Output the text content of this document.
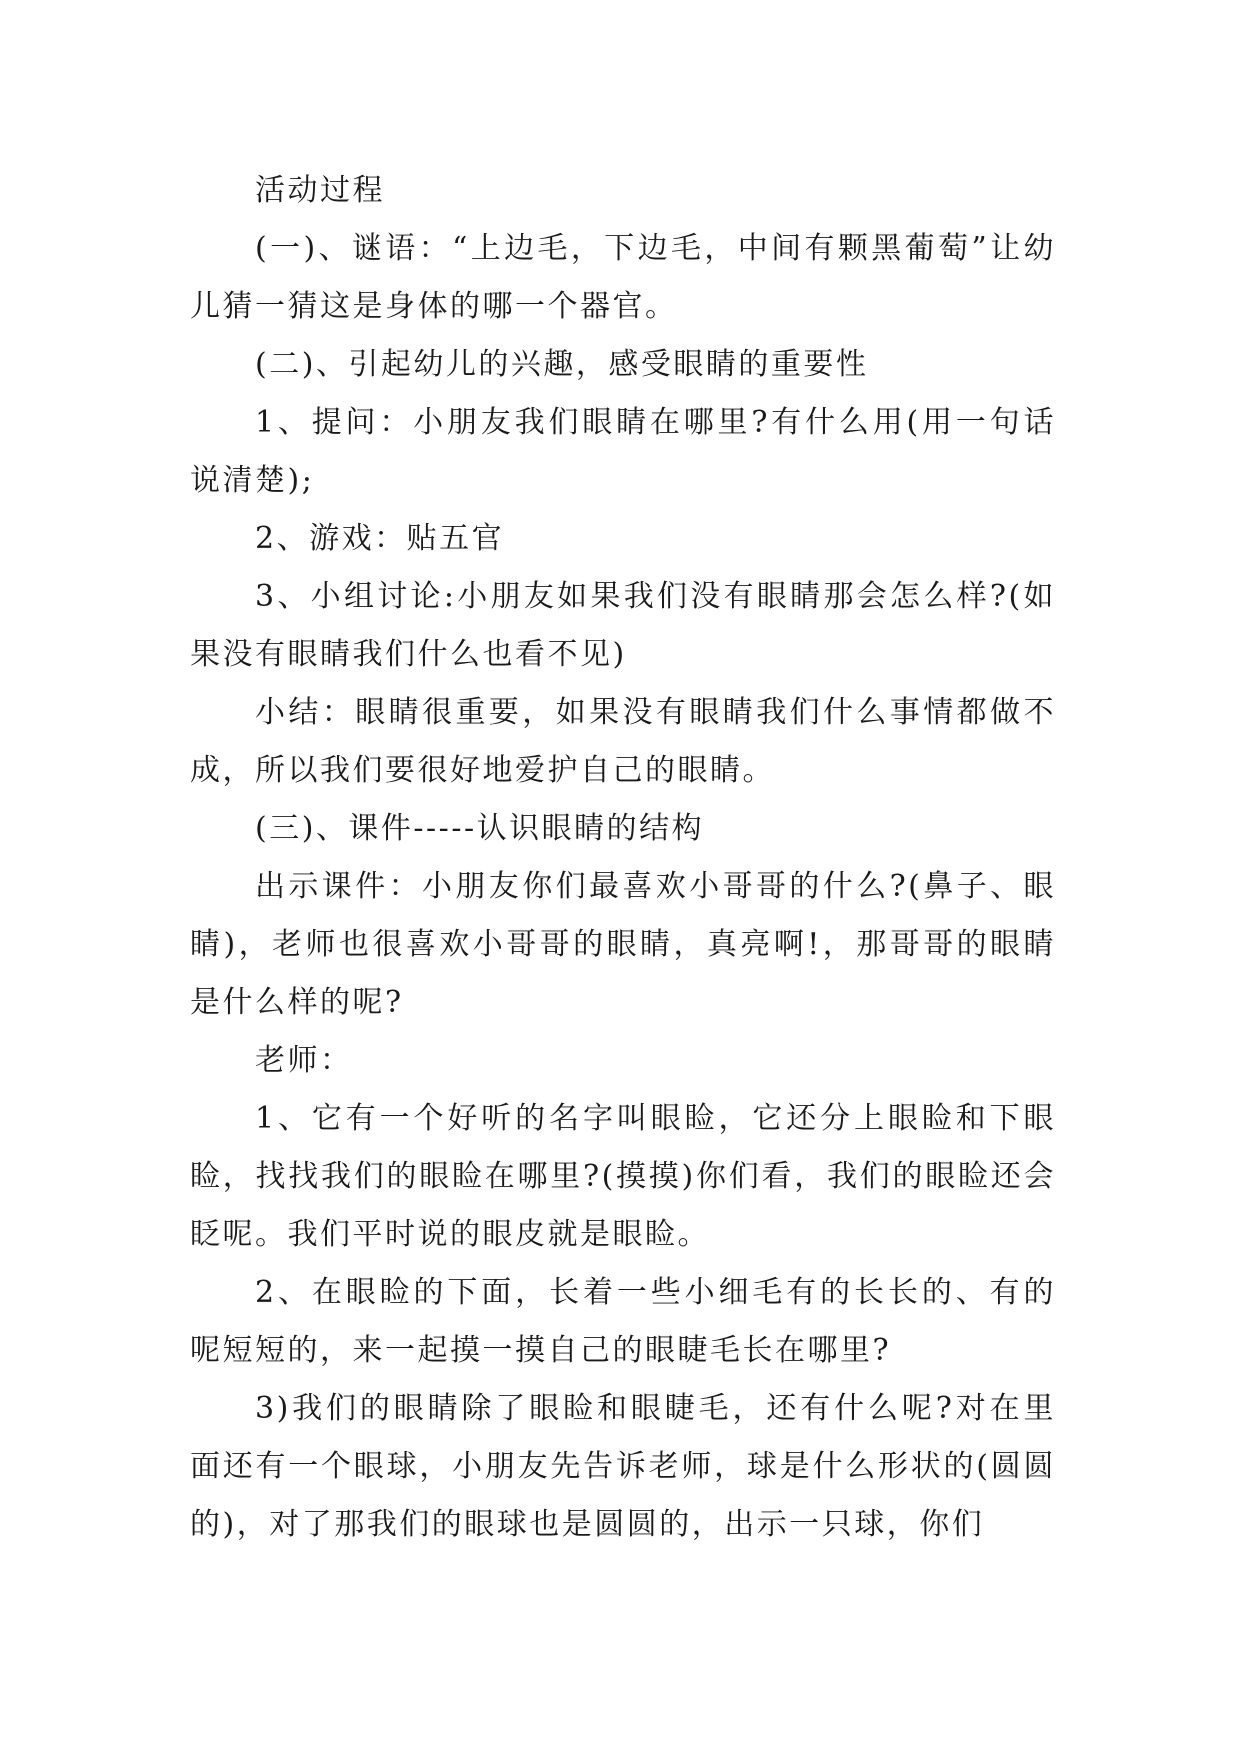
活动过程

(一)、谜语：“上边毛，下边毛，中间有颗黑葡萄”让幼儿猜一猜这是身体的哪一个器官。

(二)、引起幼儿的兴趣，感受眼睛的重要性

1、提问：小朋友我们眼睛在哪里?有什么用(用一句话说清楚);

2、游戏：贴五官

3、小组讨论:小朋友如果我们没有眼睛那会怎么样?(如果没有眼睛我们什么也看不见)

小结：眼睛很重要，如果没有眼睛我们什么事情都做不成，所以我们要很好地爱护自己的眼睛。

(三)、课件-----认识眼睛的结构

出示课件：小朋友你们最喜欢小哥哥的什么?(鼻子、眼睛)，老师也很喜欢小哥哥的眼睛，真亮啊!，那哥哥的眼睛是什么样的呢?

老师：

1、它有一个好听的名字叫眼睑，它还分上眼睑和下眼睑，找找我们的眼睑在哪里?(摸摸)你们看，我们的眼睑还会眨呢。我们平时说的眼皮就是眼睑。

2、在眼睑的下面，长着一些小细毛有的长长的、有的呢短短的，来一起摸一摸自己的眼睫毛长在哪里?

3)我们的眼睛除了眼睑和眼睫毛，还有什么呢?对在里面还有一个眼球，小朋友先告诉老师，球是什么形状的(圆圆的)，对了那我们的眼球也是圆圆的，出示一只球，你们
